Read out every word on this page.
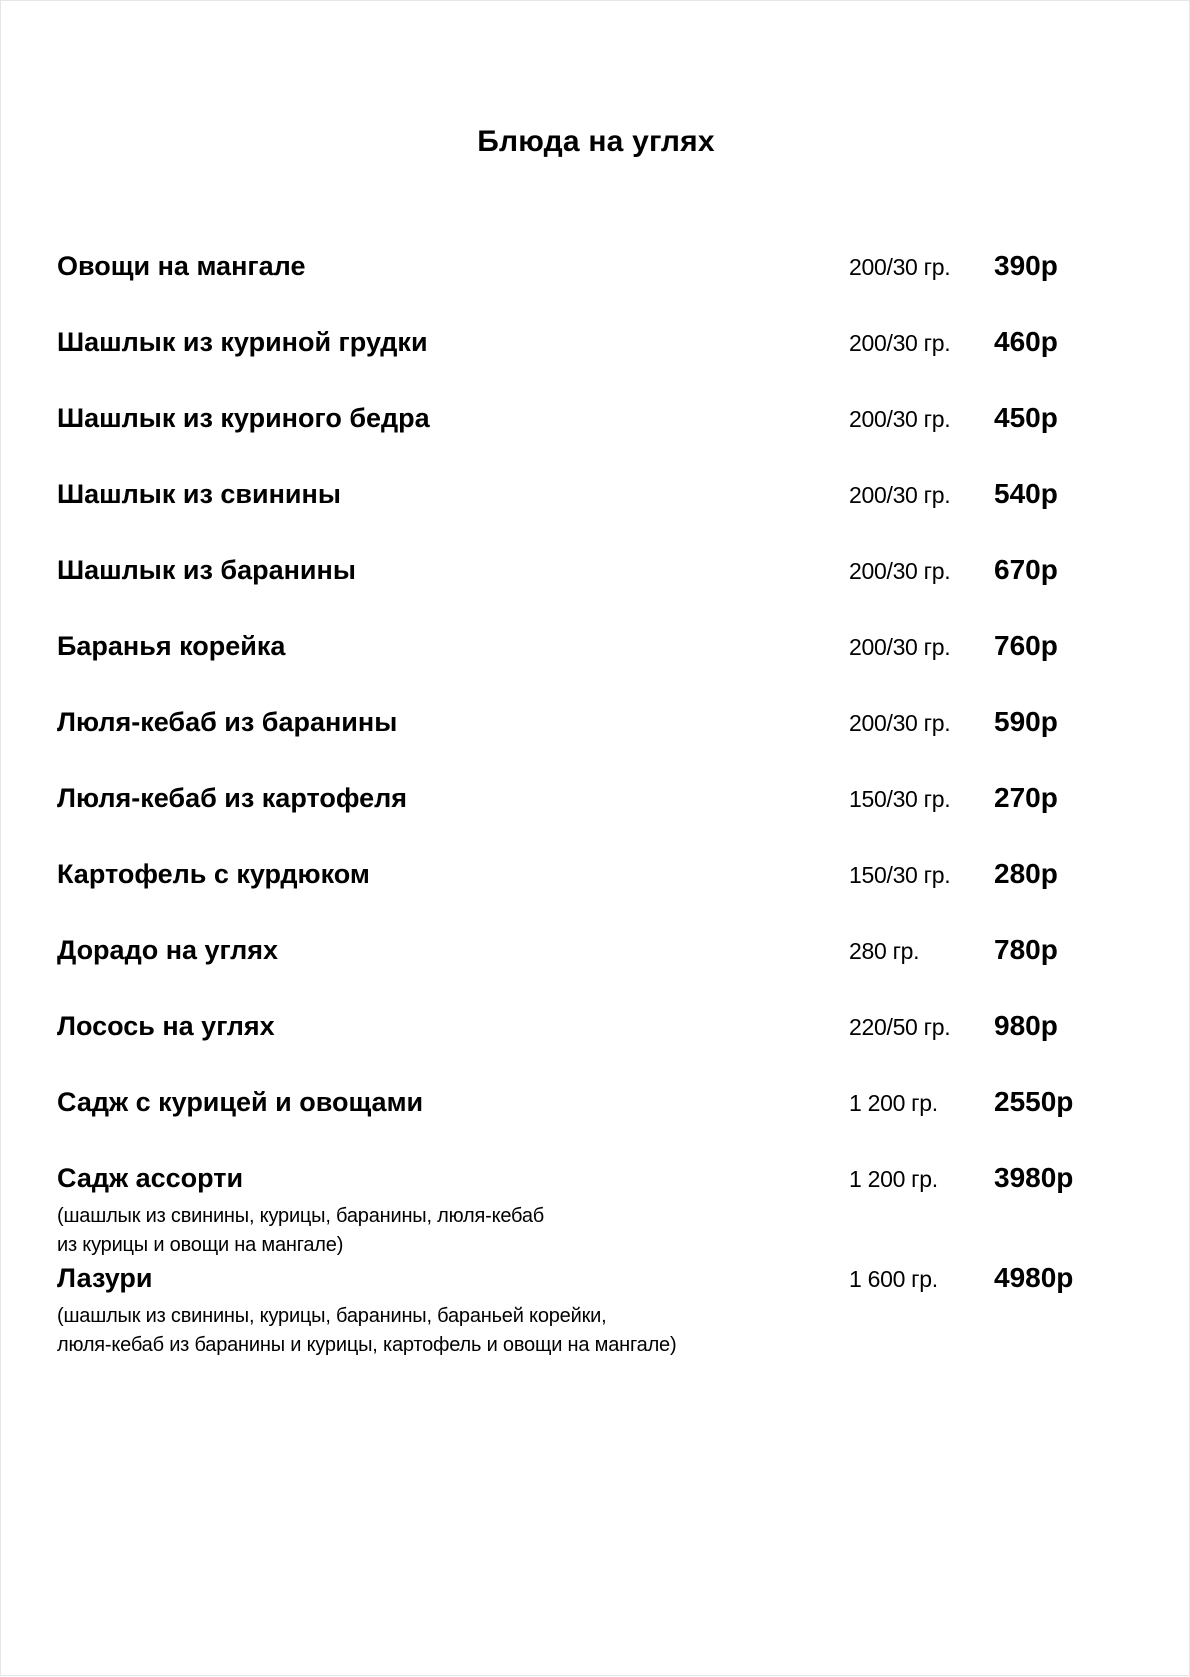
Блюда на углях
Овощи на мангале	200/30 гр. 390р
Шашлык из куриной грудки	200/30 гр. 460р
Шашлык из куриного бедра	200/30 гр. 450р
Шашлык из свинины	200/30 гр. 540р
Шашлык из баранины	200/30 гр. 670р
Баранья корейка	200/30 гр. 760р
Люля-кебаб из баранины	200/30 гр. 590р
Люля-кебаб из картофеля	150/30 гр. 270р
Картофель с курдюком	150/30 гр. 280р
Дорадо на углях	280 гр.	780р
Лосось на углях	220/50 гр. 980р
Садж с курицей и овощами	1 200 гр. 2550р
Садж ассорти	1 200 гр. 3980р
(шашлык из свинины, курицы, баранины, люля-кебаб
из курицы и овощи на мангале)
Лазури	1 600 гр. 4980р
(шашлык из свинины, курицы, баранины, бараньей корейки,
люля-кебаб из баранины и курицы, картофель и овощи на мангале)
